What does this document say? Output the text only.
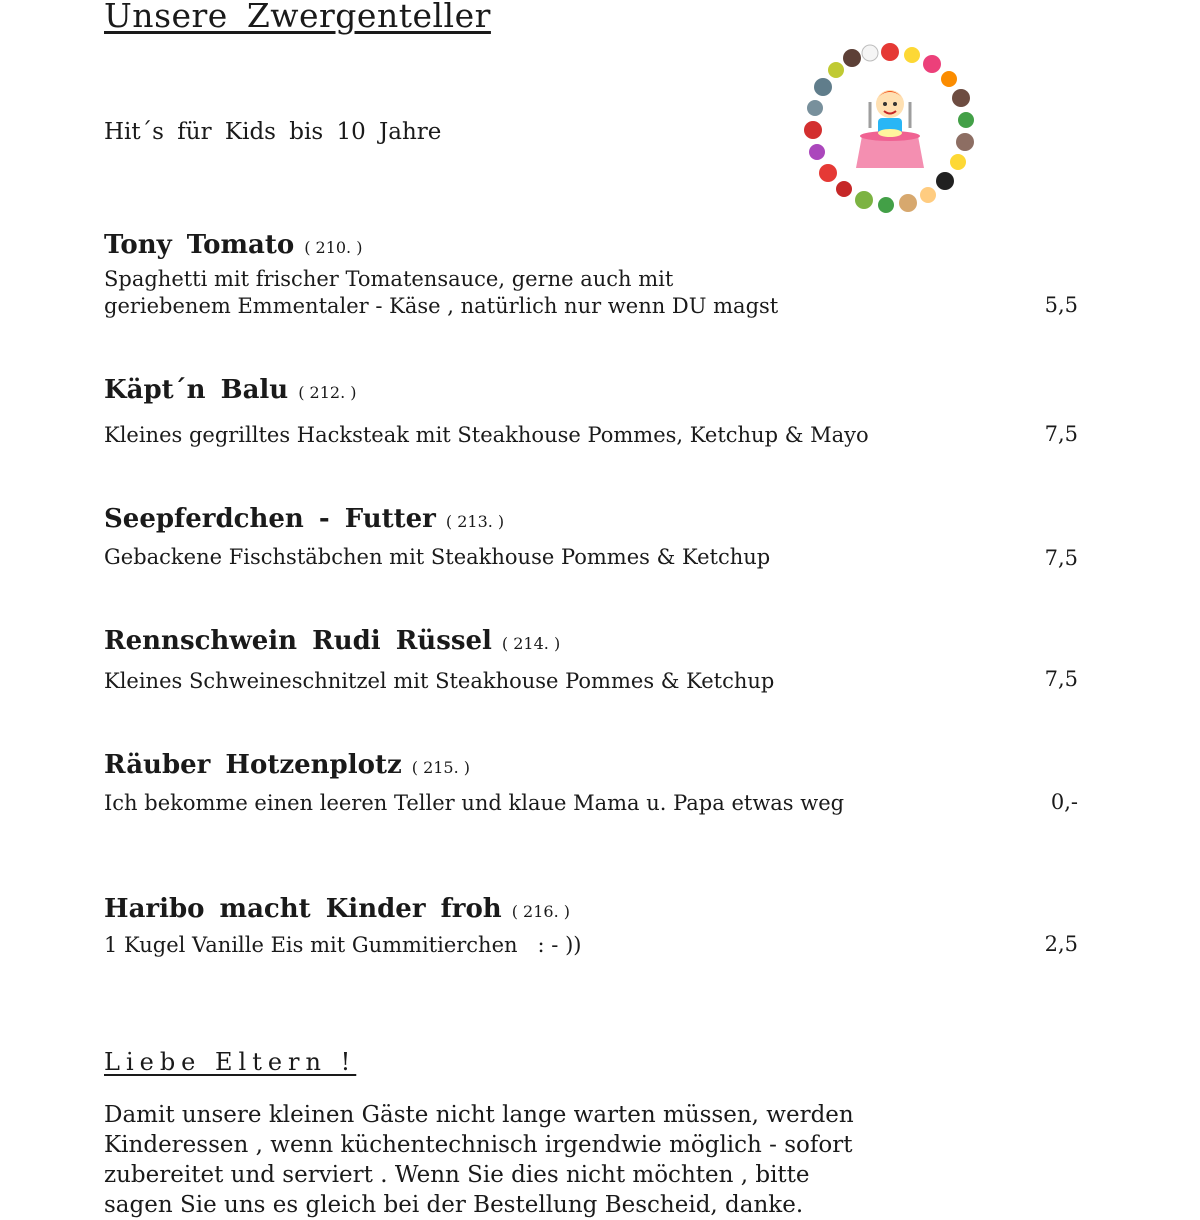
Unsere Zwergenteller

Hit´s für Kids bis 10 Jahre

Tony Tomato ( 210. )

Spaghetti mit frischer Tomatensauce, gerne auch mit

geriebenem Emmentaler - Käse , natürlich nur wenn DU magst	5,5

Käpt´n Balu ( 212. )

Kleines gegrilltes Hacksteak mit Steakhouse Pommes, Ketchup & Mayo	7,5

Seepferdchen - Futter ( 213. )

Gebackene Fischstäbchen mit Steakhouse Pommes & Ketchup	7,5

Rennschwein Rudi Rüssel ( 214. )

Kleines Schweineschnitzel mit Steakhouse Pommes & Ketchup	7,5

Räuber Hotzenplotz ( 215. )

Ich bekomme einen leeren Teller und klaue Mama u. Papa etwas weg	0,-

Haribo macht Kinder froh ( 216. )

1 Kugel Vanille Eis mit Gummitierchen   : - ))	2,5

Liebe Eltern !
Damit unsere kleinen Gäste nicht lange warten müssen, werden
Kinderessen , wenn küchentechnisch irgendwie möglich - sofort
zubereitet und serviert . Wenn Sie dies nicht möchten , bitte
sagen Sie uns es gleich bei der Bestellung Bescheid, danke.
